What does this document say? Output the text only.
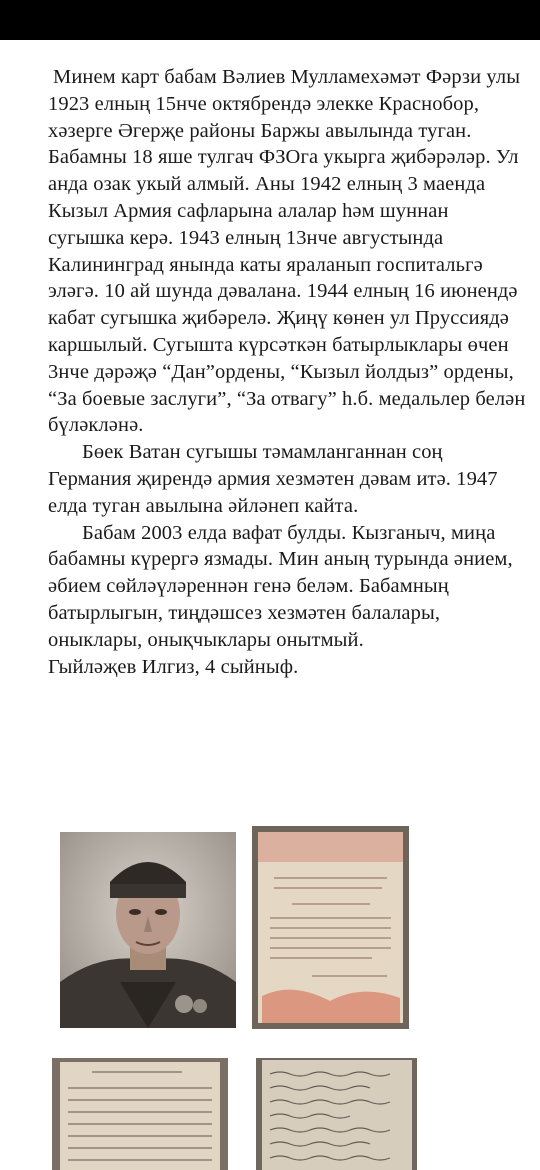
Минем карт бабам Вәлиев Мулламехәмәт Фәрзи улы 1923 елның 15нче октябрендә элекке Краснобор, хәзерге Әгерҗе районы Баржы авылында туган. Бабамны 18 яше тулгач ФЗОга укырга җибәрәләр. Ул анда озак укый алмый. Аны 1942 елның 3 маенда Кызыл Армия сафларына алалар һәм шуннан сугышка керә. 1943 елның 13нче августында Калининград янында каты яраланып госпитальгә эләгә. 10 ай шунда дәвалана. 1944 елның 16 июнендә кабат сугышка җибәрелә. Җиңү көнен ул Пруссиядә каршылый. Сугышта күрсәткән батырлыклары өчен 3нче дәрәҗә “Дан”ордены, “Кызыл йолдыз” ордены, “За боевые заслуги”, “За отвагу” һ.б. медальлер белән бүләкләнә.

Бөек Ватан сугышы тәмамланганнан соң Германия җирендә армия хезмәтен дәвам итә. 1947 елда туган авылына әйләнеп кайта.

Бабам 2003 елда вафат булды. Кызганыч, миңа бабамны күрергә язмады. Мин аның турында әнием, әбием сөйләүләреннән генә беләм. Бабамның батырлыгын, тиңдәшсез хезмәтен балалары, оныклары, онықчыклары онытмый.

Гыйләҗев Илгиз, 4 сыйныф.
